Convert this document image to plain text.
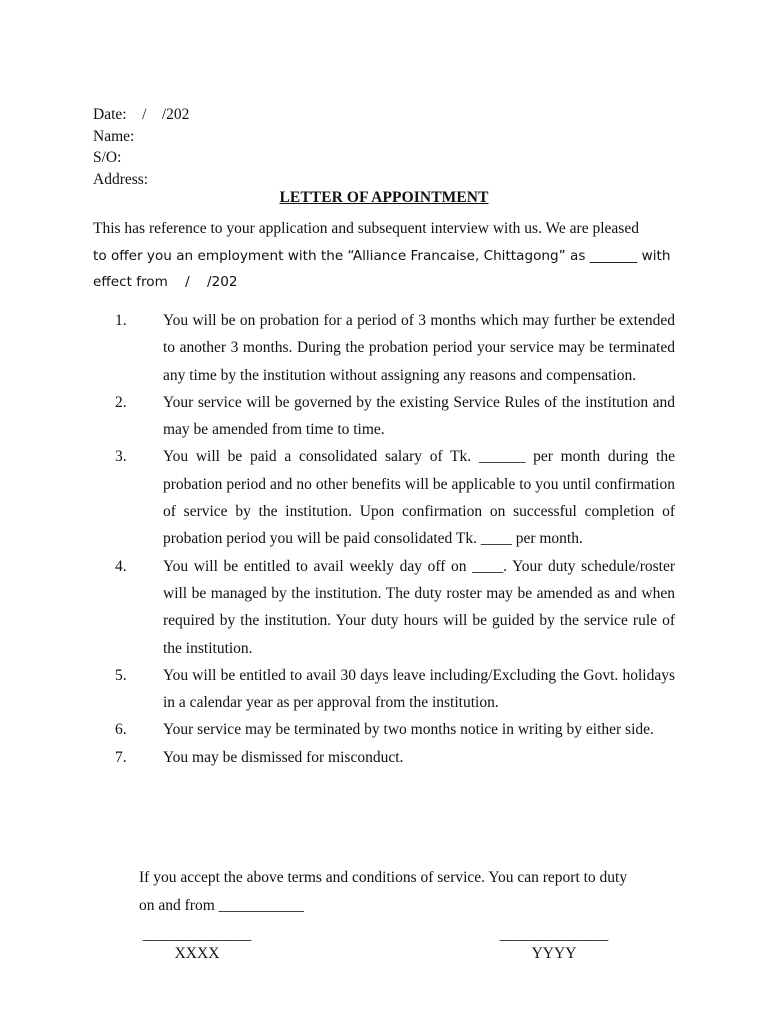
Date:    /    /202
Name:
S/O:
Address:
LETTER OF APPOINTMENT
This has reference to your application and subsequent interview with us. We are pleased
to offer you an employment with the “Alliance Francaise, Chittagong” as _______ with
effect from    /    /202
1.	You will be on probation for a period of 3 months which may further be extended to another 3 months. During the probation period your service may be terminated any time by the institution without assigning any reasons and compensation.
2.	Your service will be governed by the existing Service Rules of the institution and may be amended from time to time.
3.	You will be paid a consolidated salary of Tk. ______ per month during the probation period and no other benefits will be applicable to you until confirmation of service by the institution. Upon confirmation on successful completion of probation period you will be paid consolidated Tk. ____ per month.
4.	You will be entitled to avail weekly day off on ____. Your duty schedule/roster will be managed by the institution. The duty roster may be amended as and when required by the institution. Your duty hours will be guided by the service rule of the institution.
5.	You will be entitled to avail 30 days leave including/Excluding the Govt. holidays in a calendar year as per approval from the institution.
6.	Your service may be terminated by two months notice in writing by either side.
7.	You may be dismissed for misconduct.
If you accept the above terms and conditions of service. You can report to duty
on and from ___________
______________
XXXX
______________
YYYY
